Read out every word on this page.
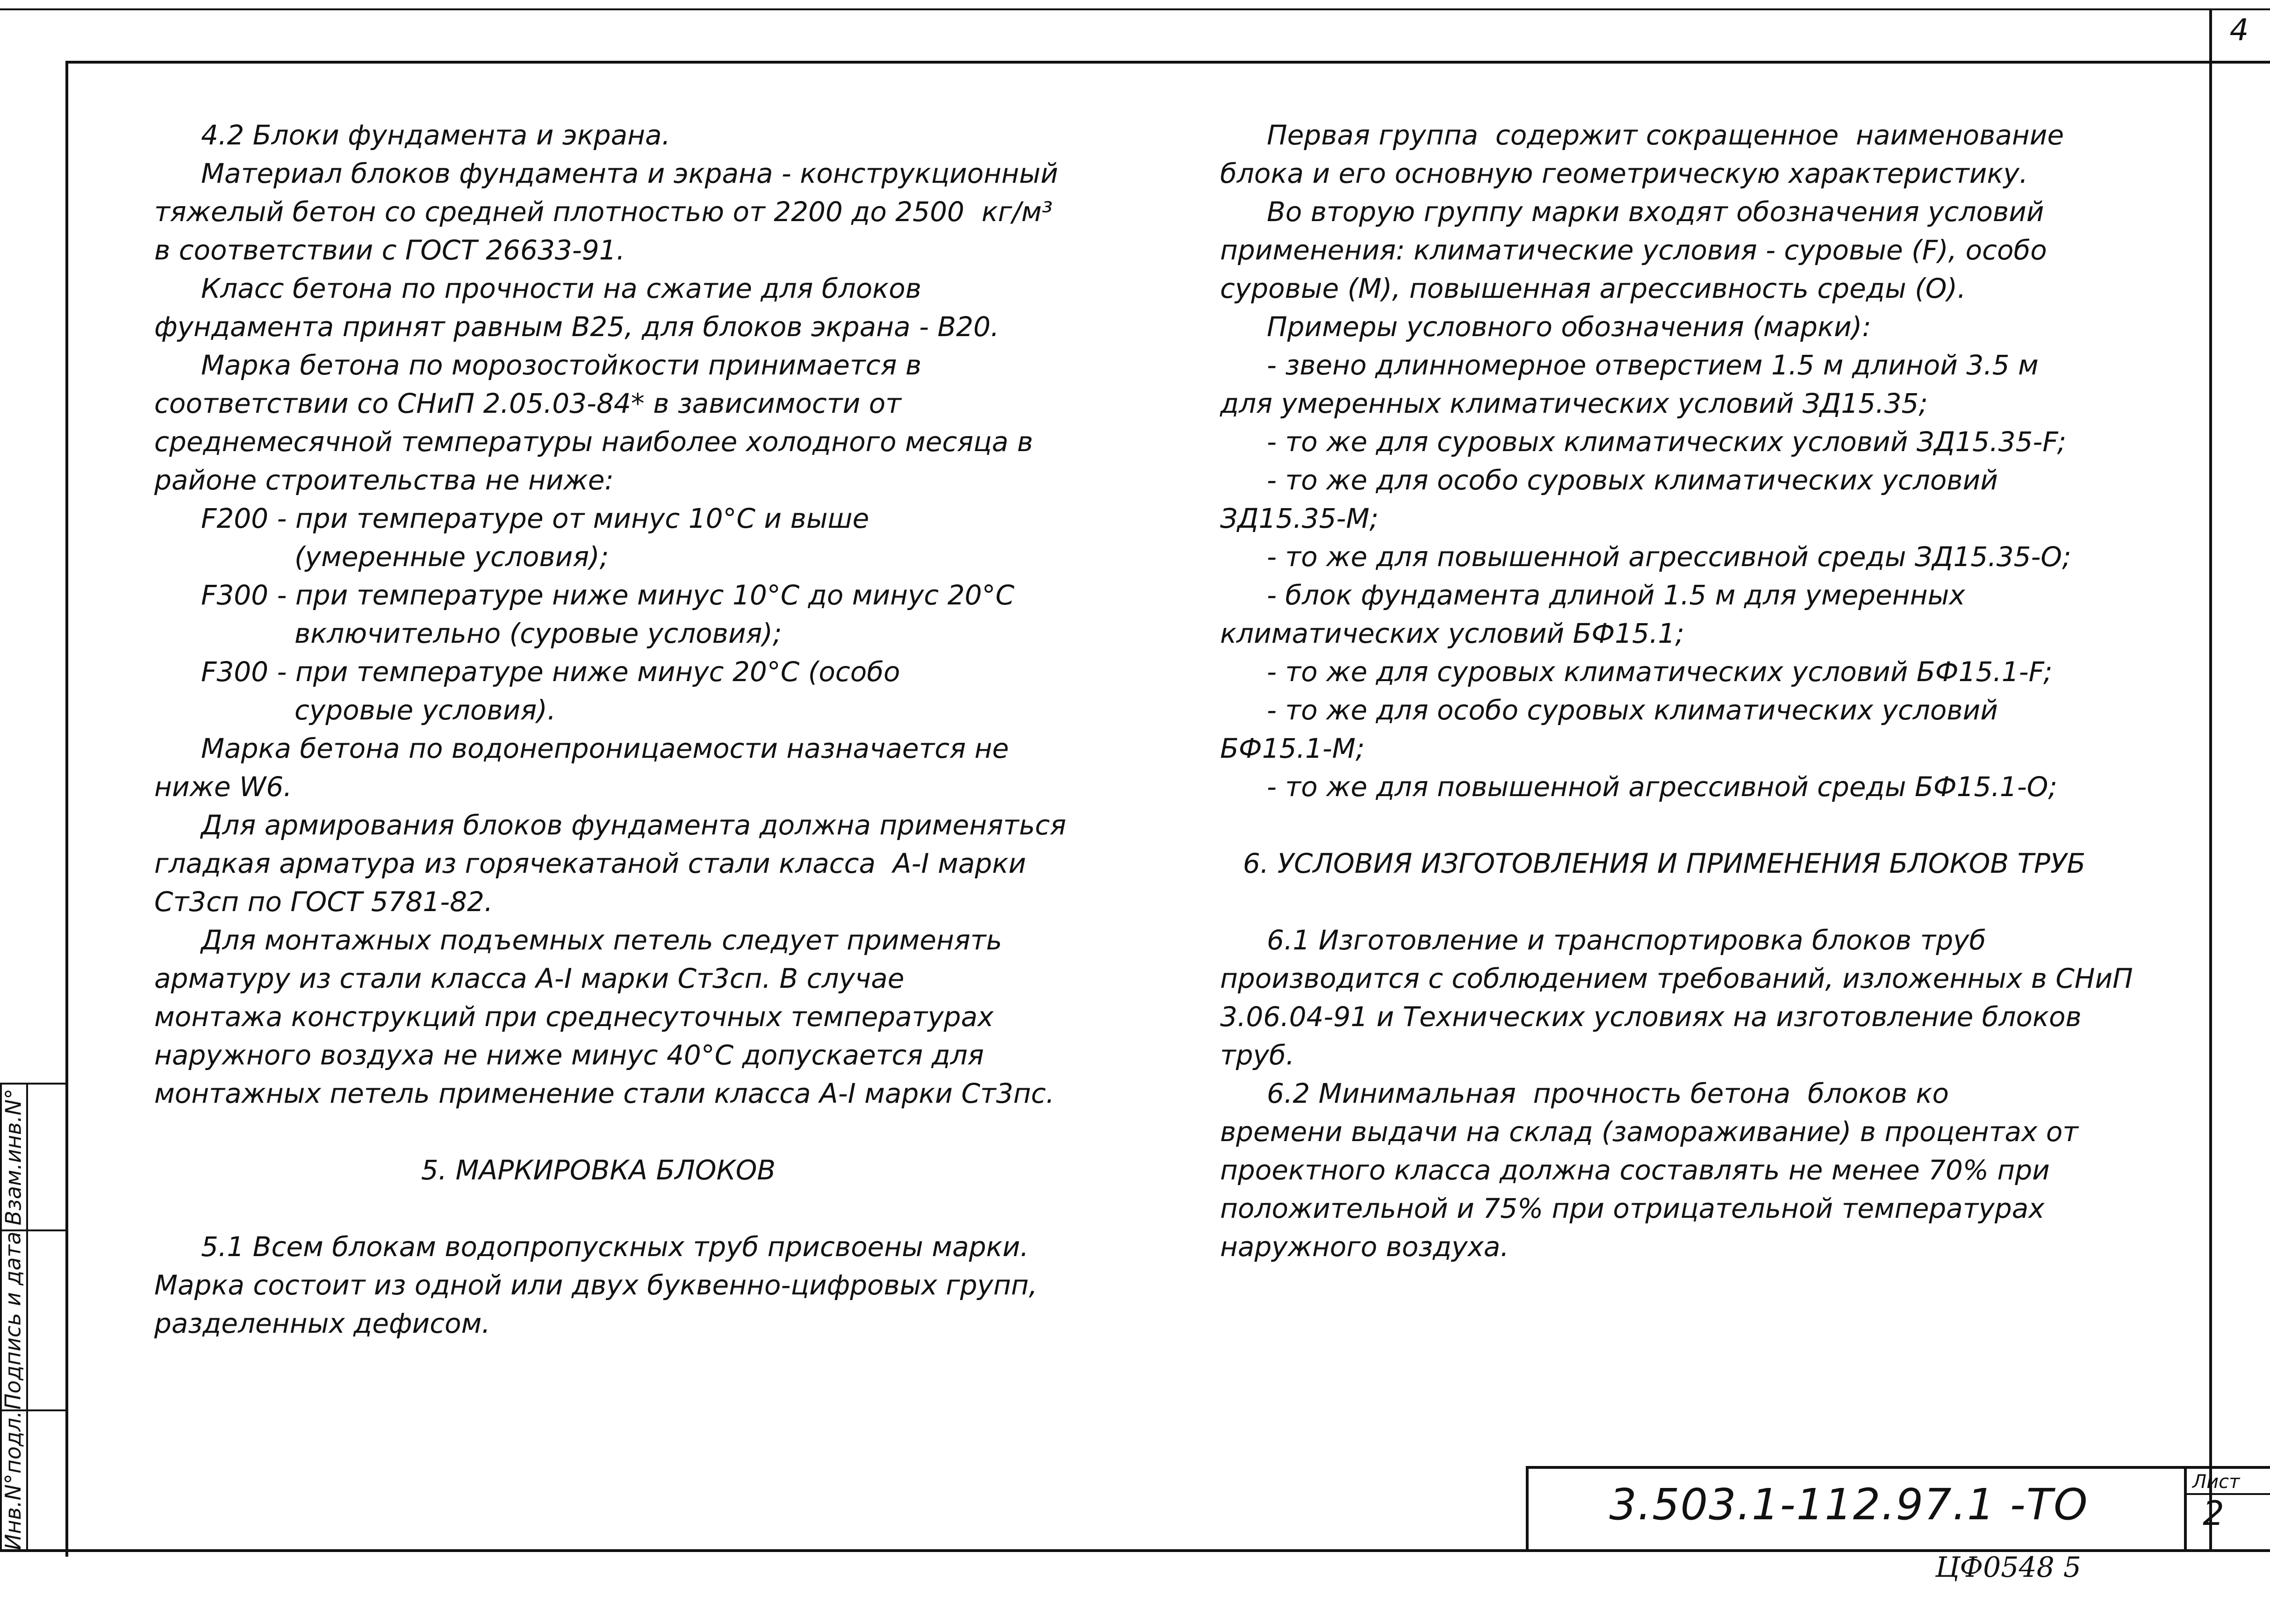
4
Взам.инв.N°
Подпись и дата
Инв.N°подл.

4.2 Блоки фундамента и экрана.

Материал блоков фундамента и экрана - конструкционный

тяжелый бетон со средней плотностью от 2200 до 2500  кг/м³

в соответствии с ГОСТ 26633-91.

Класс бетона по прочности на сжатие для блоков

фундамента принят равным В25, для блоков экрана - В20.

Марка бетона по морозостойкости принимается в

соответствии со СНиП 2.05.03-84* в зависимости от

среднемесячной температуры наиболее холодного месяца в

районе строительства не ниже:

F200 - при температуре от минус 10°С и выше

(умеренные условия);

F300 - при температуре ниже минус 10°С до минус 20°С

включительно (суровые условия);

F300 - при температуре ниже минус 20°С (особо

суровые условия).

Марка бетона по водонепроницаемости назначается не

ниже W6.

Для армирования блоков фундамента должна применяться

гладкая арматура из горячекатаной стали класса  А-I марки

Ст3сп по ГОСТ 5781-82.

Для монтажных подъемных петель следует применять

арматуру из стали класса А-I марки Ст3сп. В случае

монтажа конструкций при среднесуточных температурах

наружного воздуха не ниже минус 40°С допускается для

монтажных петель применение стали класса А-I марки Ст3пс.

5. МАРКИРОВКА БЛОКОВ

5.1 Всем блокам водопропускных труб присвоены марки.

Марка состоит из одной или двух буквенно-цифровых групп,

разделенных дефисом.

Первая группа  содержит сокращенное  наименование

блока и его основную геометрическую характеристику.

Во вторую группу марки входят обозначения условий

применения: климатические условия - суровые (F), особо

суровые (М), повышенная агрессивность среды (О).

Примеры условного обозначения (марки):

- звено длинномерное отверстием 1.5 м длиной 3.5 м

для умеренных климатических условий ЗД15.35;

- то же для суровых климатических условий ЗД15.35-F;

- то же для особо суровых климатических условий

ЗД15.35-М;

- то же для повышенной агрессивной среды ЗД15.35-О;

- блок фундамента длиной 1.5 м для умеренных

климатических условий БФ15.1;

- то же для суровых климатических условий БФ15.1-F;

- то же для особо суровых климатических условий

БФ15.1-М;

- то же для повышенной агрессивной среды БФ15.1-О;

6. УСЛОВИЯ ИЗГОТОВЛЕНИЯ И ПРИМЕНЕНИЯ БЛОКОВ ТРУБ

6.1 Изготовление и транспортировка блоков труб

производится с соблюдением требований, изложенных в СНиП

3.06.04-91 и Технических условиях на изготовление блоков

труб.

6.2 Минимальная  прочность бетона  блоков ко

времени выдачи на склад (замораживание) в процентах от

проектного класса должна составлять не менее 70% при

положительной и 75% при отрицательной температурах

наружного воздуха.

3.503.1-112.97.1 -ТО	Лист
2
ЦФ0548 5
